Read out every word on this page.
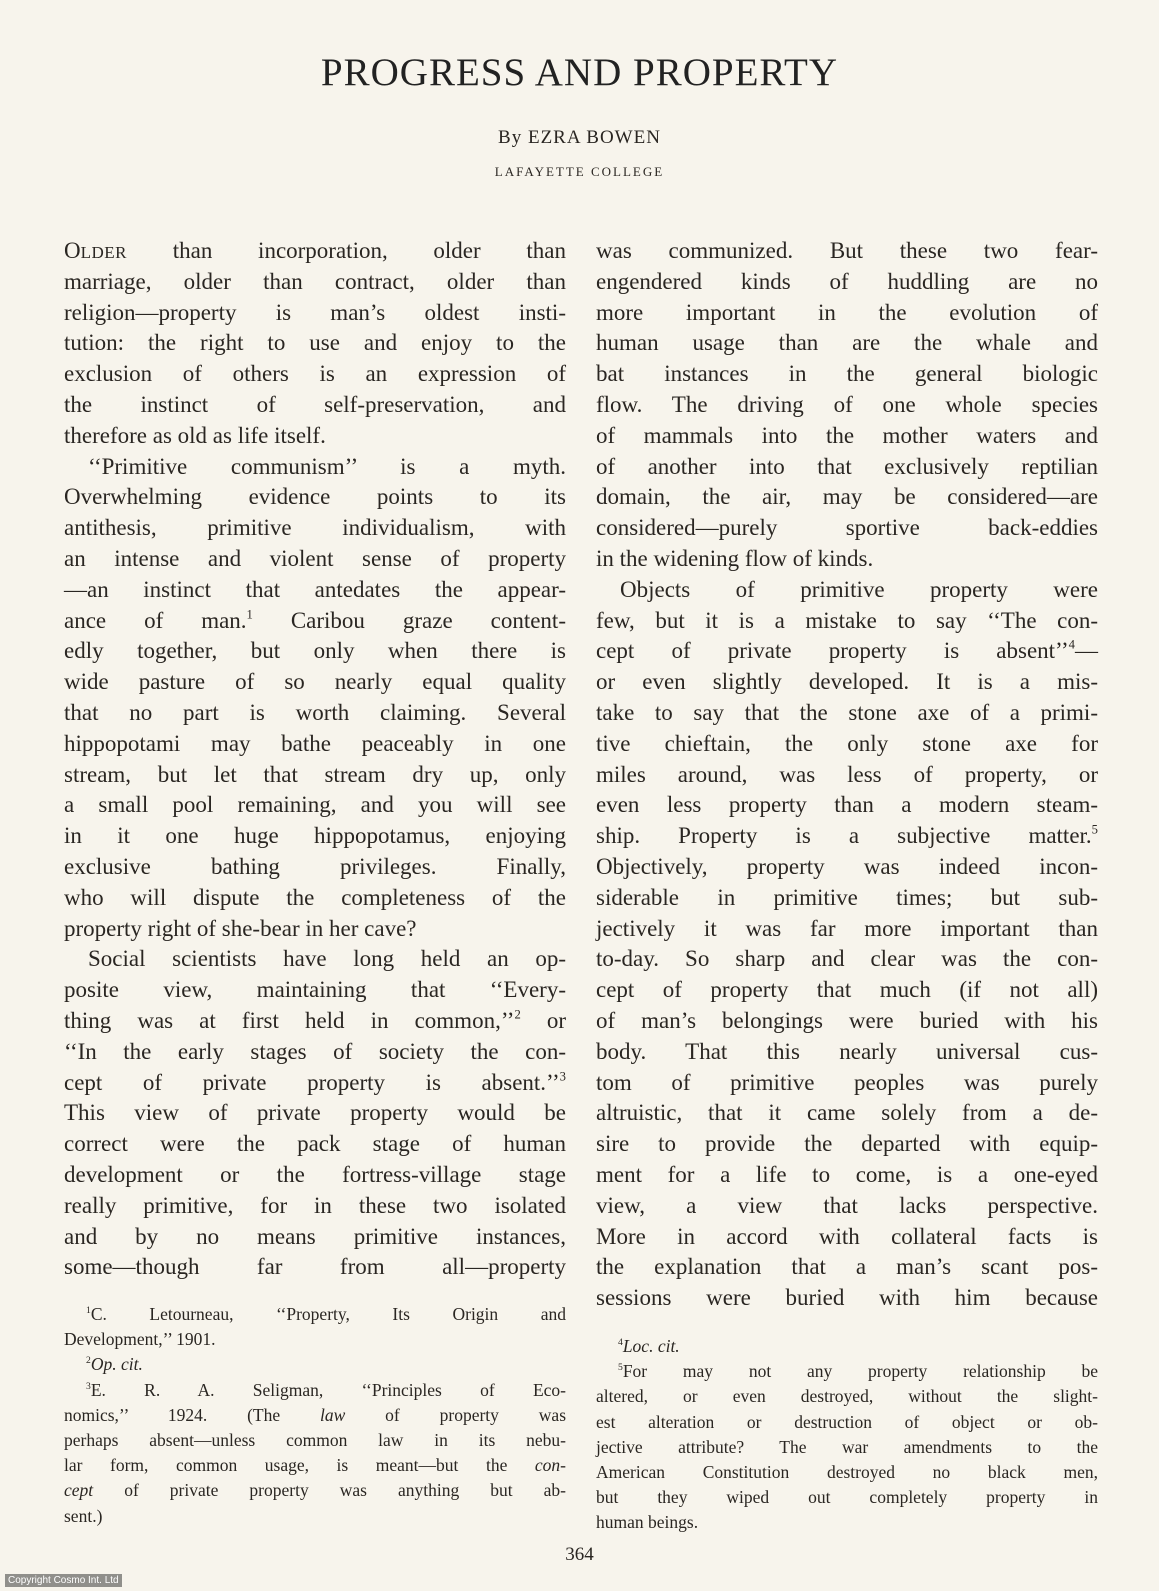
PROGRESS AND PROPERTY
By EZRA BOWEN
LAFAYETTE COLLEGE
OLDER than incorporation, older than
marriage, older than contract, older than
religion—property is man’s oldest insti-
tution: the right to use and enjoy to the
exclusion of others is an expression of
the instinct of self-preservation, and
therefore as old as life itself.
‘‘Primitive communism’’ is a myth.
Overwhelming evidence points to its
antithesis, primitive individualism, with
an intense and violent sense of property
—an instinct that antedates the appear-
ance of man.$^1$ Caribou graze content-
edly together, but only when there is
wide pasture of so nearly equal quality
that no part is worth claiming. Several
hippopotami may bathe peaceably in one
stream, but let that stream dry up, only
a small pool remaining, and you will see
in it one huge hippopotamus, enjoying
exclusive bathing privileges. Finally,
who will dispute the completeness of the
property right of she-bear in her cave?
Social scientists have long held an op-
posite view, maintaining that ‘‘Every-
thing was at first held in common,’’$^2$ or
‘‘In the early stages of society the con-
cept of private property is absent.’’$^3$
This view of private property would be
correct were the pack stage of human
development or the fortress-village stage
really primitive, for in these two isolated
and by no means primitive instances,
some—though far from all—property
was communized. But these two fear-
engendered kinds of huddling are no
more important in the evolution of
human usage than are the whale and
bat instances in the general biologic
flow. The driving of one whole species
of mammals into the mother waters and
of another into that exclusively reptilian
domain, the air, may be considered—are
considered—purely sportive back-eddies
in the widening flow of kinds.
Objects of primitive property were
few, but it is a mistake to say ‘‘The con-
cept of private property is absent’’$^4$—
or even slightly developed. It is a mis-
take to say that the stone axe of a primi-
tive chieftain, the only stone axe for
miles around, was less of property, or
even less property than a modern steam-
ship. Property is a subjective matter.$^5$
Objectively, property was indeed incon-
siderable in primitive times; but sub-
jectively it was far more important than
to-day. So sharp and clear was the con-
cept of property that much (if not all)
of man’s belongings were buried with his
body. That this nearly universal cus-
tom of primitive peoples was purely
altruistic, that it came solely from a de-
sire to provide the departed with equip-
ment for a life to come, is a one-eyed
view, a view that lacks perspective.
More in accord with collateral facts is
the explanation that a man’s scant pos-
sessions were buried with him because
$^1$C. Letourneau, ‘‘Property, Its Origin and
Development,’’ 1901.
$^2$Op. cit.
$^3$E. R. A. Seligman, ‘‘Principles of Eco-
nomics,’’ 1924. (The law of property was
perhaps absent—unless common law in its nebu-
lar form, common usage, is meant—but the con-
cept of private property was anything but ab-
sent.)
$^4$Loc. cit.
$^5$For may not any property relationship be
altered, or even destroyed, without the slight-
est alteration or destruction of object or ob-
jective attribute? The war amendments to the
American Constitution destroyed no black men,
but they wiped out completely property in
human beings.
364
Copyright Cosmo Int. Ltd
